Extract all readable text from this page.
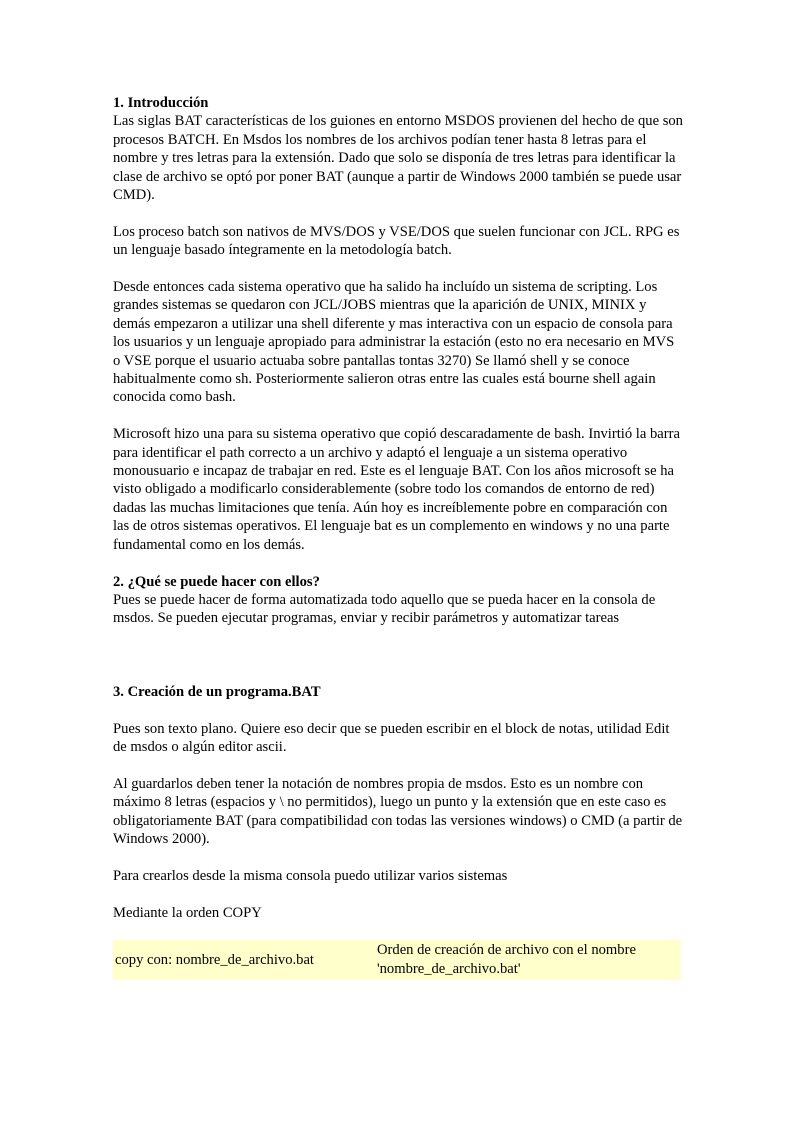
1. Introducción

Las siglas BAT características de los guiones en entorno MSDOS provienen del hecho de que son procesos BATCH. En Msdos los nombres de los archivos podían tener hasta 8 letras para el nombre y tres letras para la extensión. Dado que solo se disponía de tres letras para identificar la clase de archivo se optó por poner BAT (aunque a partir de Windows 2000 también se puede usar CMD).

Los proceso batch son nativos de MVS/DOS y VSE/DOS que suelen funcionar con JCL. RPG es un lenguaje basado íntegramente en la metodología batch.

Desde entonces cada sistema operativo que ha salido ha incluído un sistema de scripting. Los grandes sistemas se quedaron con JCL/JOBS mientras que la aparición de UNIX, MINIX y demás empezaron a utilizar una shell diferente y mas interactiva con un espacio de consola para los usuarios y un lenguaje apropiado para administrar la estación (esto no era necesario en MVS o VSE porque el usuario actuaba sobre pantallas tontas 3270) Se llamó shell y se conoce habitualmente como sh. Posteriormente salieron otras entre las cuales está bourne shell again conocida como bash.

Microsoft hizo una para su sistema operativo que copió descaradamente de bash. Invirtió la barra para identificar el path correcto a un archivo y adaptó el lenguaje a un sistema operativo monousuario e incapaz de trabajar en red. Este es el lenguaje BAT. Con los años microsoft se ha visto obligado a modificarlo considerablemente (sobre todo los comandos de entorno de red) dadas las muchas limitaciones que tenía. Aún hoy es increíblemente pobre en comparación con las de otros sistemas operativos. El lenguaje bat es un complemento en windows y no una parte fundamental como en los demás.

2. ¿Qué se puede hacer con ellos?

Pues se puede hacer de forma automatizada todo aquello que se pueda hacer en la consola de msdos. Se pueden ejecutar programas, enviar y recibir parámetros y automatizar tareas

3. Creación de un programa.BAT

Pues son texto plano. Quiere eso decir que se pueden escribir en el block de notas, utilidad Edit de msdos o algún editor ascii.

Al guardarlos deben tener la notación de nombres propia de msdos. Esto es un nombre con máximo 8 letras (espacios y \ no permitidos), luego un punto y la extensión que en este caso es obligatoriamente BAT (para compatibilidad con todas las versiones windows) o CMD (a partir de Windows 2000).

Para crearlos desde la misma consola puedo utilizar varios sistemas

Mediante la orden COPY

copy con: nombre_de_archivo.bat	Orden de creación de archivo con el nombre 'nombre_de_archivo.bat'
